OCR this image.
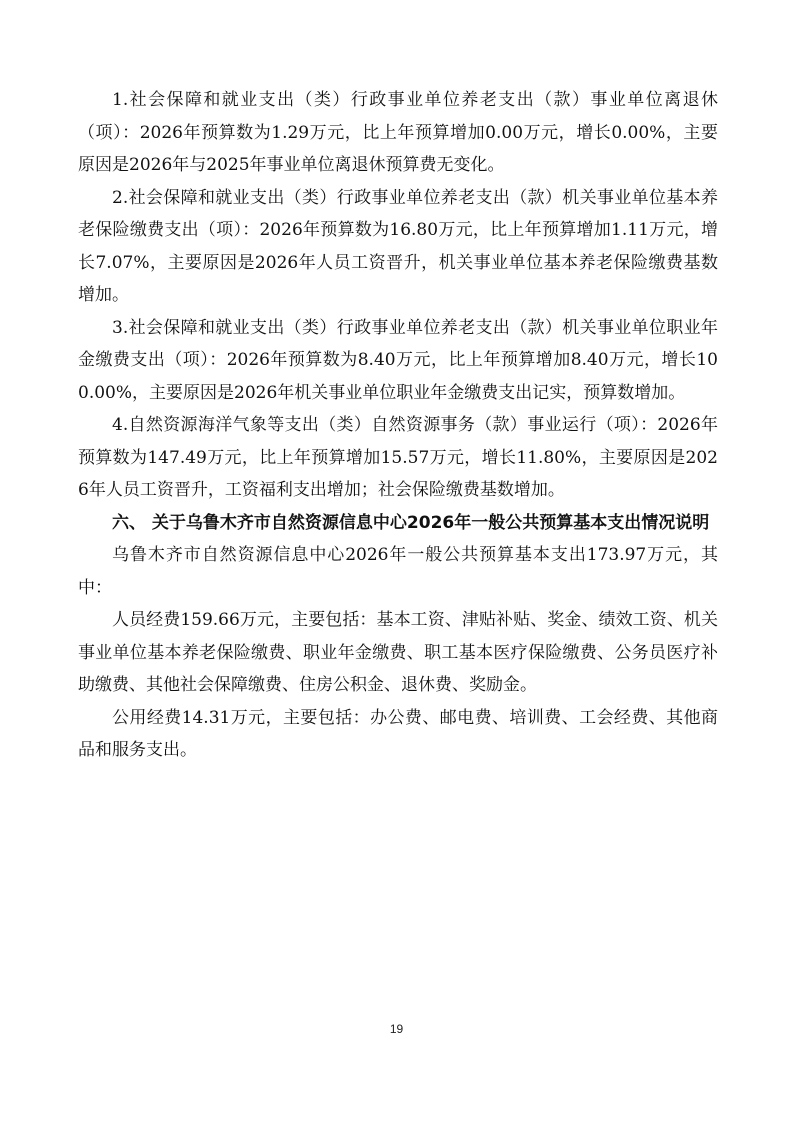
1.社会保障和就业支出（类）行政事业单位养老支出（款）事业单位离退休（项）：2026年预算数为1.29万元，比上年预算增加0.00万元，增长0.00%，主要原因是2026年与2025年事业单位离退休预算费无变化。

2.社会保障和就业支出（类）行政事业单位养老支出（款）机关事业单位基本养老保险缴费支出（项）：2026年预算数为16.80万元，比上年预算增加1.11万元，增长7.07%，主要原因是2026年人员工资晋升，机关事业单位基本养老保险缴费基数增加。

3.社会保障和就业支出（类）行政事业单位养老支出（款）机关事业单位职业年金缴费支出（项）：2026年预算数为8.40万元，比上年预算增加8.40万元，增长100.00%，主要原因是2026年机关事业单位职业年金缴费支出记实，预算数增加。

4.自然资源海洋气象等支出（类）自然资源事务（款）事业运行（项）：2026年预算数为147.49万元，比上年预算增加15.57万元，增长11.80%，主要原因是2026年人员工资晋升，工资福利支出增加；社会保险缴费基数增加。

六、 关于乌鲁木齐市自然资源信息中心2026年一般公共预算基本支出情况说明

乌鲁木齐市自然资源信息中心2026年一般公共预算基本支出173.97万元，其中：

人员经费159.66万元，主要包括：基本工资、津贴补贴、奖金、绩效工资、机关事业单位基本养老保险缴费、职业年金缴费、职工基本医疗保险缴费、公务员医疗补助缴费、其他社会保障缴费、住房公积金、退休费、奖励金。

公用经费14.31万元，主要包括：办公费、邮电费、培训费、工会经费、其他商品和服务支出。

19
